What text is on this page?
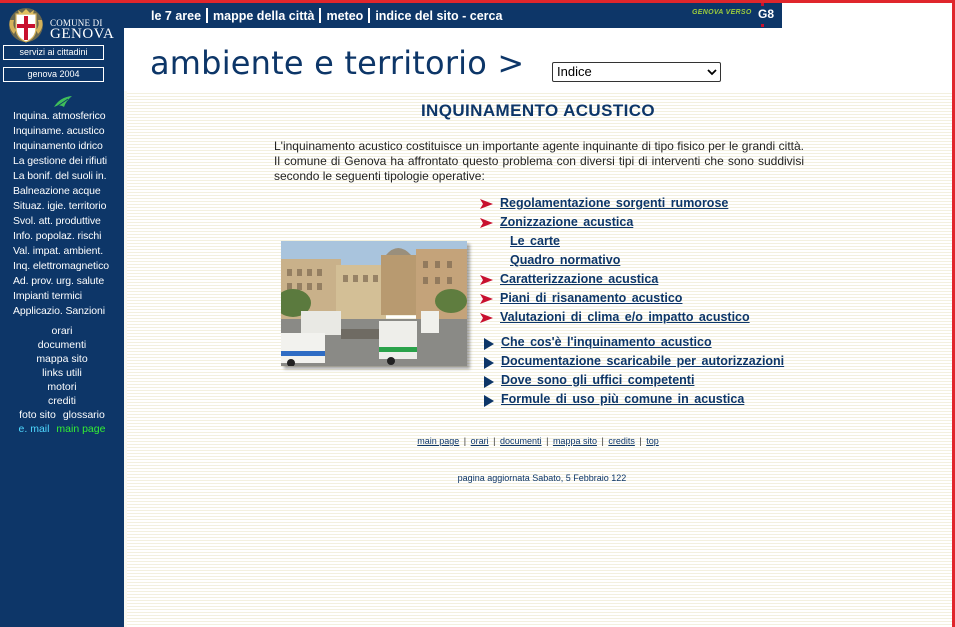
COMUNE DI
GENOVA
servizi ai cittadini
genova 2004
Inquina. atmosferico
Inquiname. acustico
Inquinamento idrico
La gestione dei rifiuti
La bonif. del suoli in.
Balneazione acque
Situaz. igie. territorio
Svol. att. produttive
Info. popolaz. rischi
Val. impat. ambient.
Inq. elettromagnetico
Ad. prov. urg. salute
Impianti termici
Applicazio. Sanzioni
orari
documenti
mappa sito
links utili
motori
crediti
foto sito glossario
e. mail main page
le 7 aree mappe della città meteo indice del sito - cerca	GENOVA VERSO G8
ambiente e territorio >	Indice
INQUINAMENTO ACUSTICO

L'inquinamento acustico costituisce un importante agente inquinante di tipo fisico per le grandi città. Il comune di Genova ha affrontato questo problema con diversi tipi di interventi che sono suddivisi secondo le seguenti tipologie operative:

Regolamentazione sorgenti rumorose
Zonizzazione acustica
Le carte
Quadro normativo
Caratterizzazione acustica
Piani di risanamento acustico
Valutazioni di clima e/o impatto acustico
Che cos'è l'inquinamento acustico
Documentazione scaricabile per autorizzazioni
Dove sono gli uffici competenti
Formule di uso più comune in acustica
main page | orari | documenti | mappa sito | credits | top
pagina aggiornata Sabato, 5 Febbraio 122
